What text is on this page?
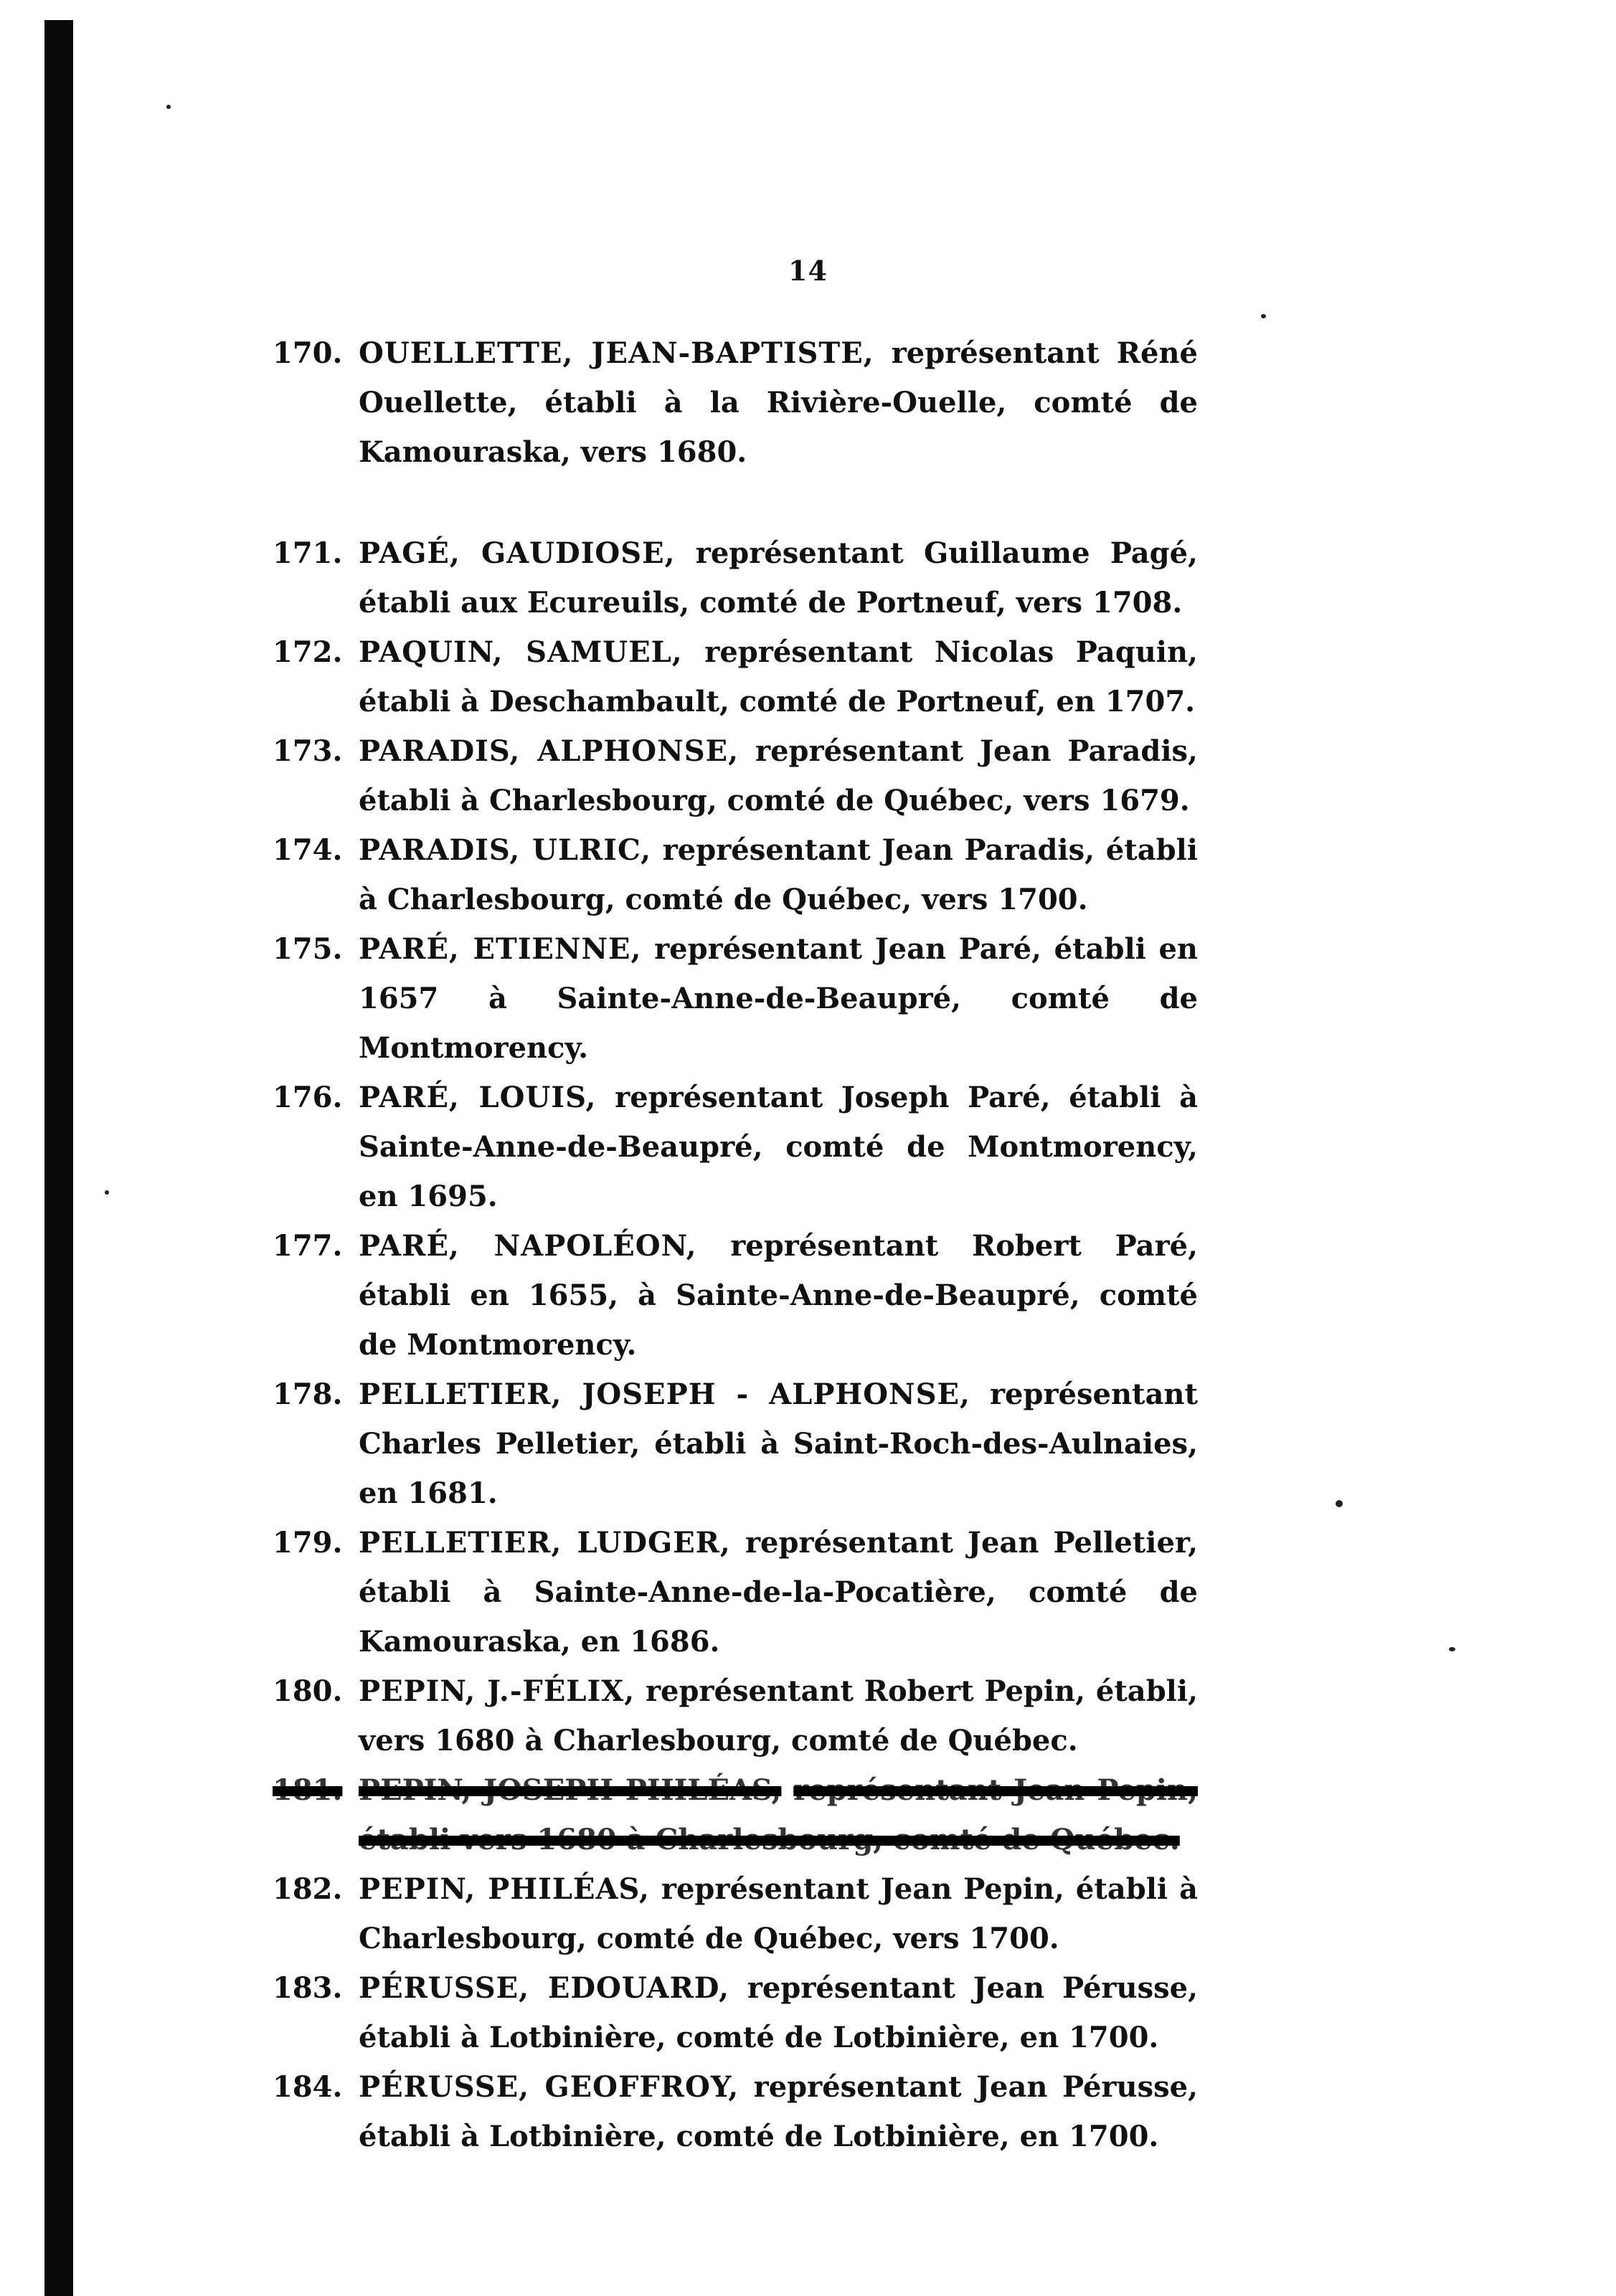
14
170. OUELLETTE, JEAN-BAPTISTE, représentant Réné Ouellette, établi à la Rivière-Ouelle, comté de Kamouraska, vers 1680.
171. PAGÉ, GAUDIOSE, représentant Guillaume Pagé, établi aux Ecureuils, comté de Portneuf, vers 1708.
172. PAQUIN, SAMUEL, représentant Nicolas Paquin, établi à Deschambault, comté de Portneuf, en 1707.
173. PARADIS, ALPHONSE, représentant Jean Paradis, établi à Charlesbourg, comté de Québec, vers 1679.
174. PARADIS, ULRIC, représentant Jean Paradis, établi à Charlesbourg, comté de Québec, vers 1700.
175. PARÉ, ETIENNE, représentant Jean Paré, établi en 1657 à Sainte-Anne-de-Beaupré, comté de Montmorency.
176. PARÉ, LOUIS, représentant Joseph Paré, établi à Sainte-Anne-de-Beaupré, comté de Montmorency, en 1695.
177. PARÉ, NAPOLÉON, représentant Robert Paré, établi en 1655, à Sainte-Anne-de-Beaupré, comté de Montmorency.
178. PELLETIER, JOSEPH - ALPHONSE, représentant Charles Pelletier, établi à Saint-Roch-des-Aulnaies, en 1681.
179. PELLETIER, LUDGER, représentant Jean Pelletier, établi à Sainte-Anne-de-la-Pocatière, comté de Kamouraska, en 1686.
180. PEPIN, J.-FÉLIX, représentant Robert Pepin, établi, vers 1680 à Charlesbourg, comté de Québec.
181. PEPIN, JOSEPH-PHILÉAS, représentant Jean Pepin, établi vers 1680 à Charlesbourg, comté de Québec.
182. PEPIN, PHILÉAS, représentant Jean Pepin, établi à Charlesbourg, comté de Québec, vers 1700.
183. PÉRUSSE, EDOUARD, représentant Jean Pérusse, établi à Lotbinière, comté de Lotbinière, en 1700.
184. PÉRUSSE, GEOFFROY, représentant Jean Pérusse, établi à Lotbinière, comté de Lotbinière, en 1700.
